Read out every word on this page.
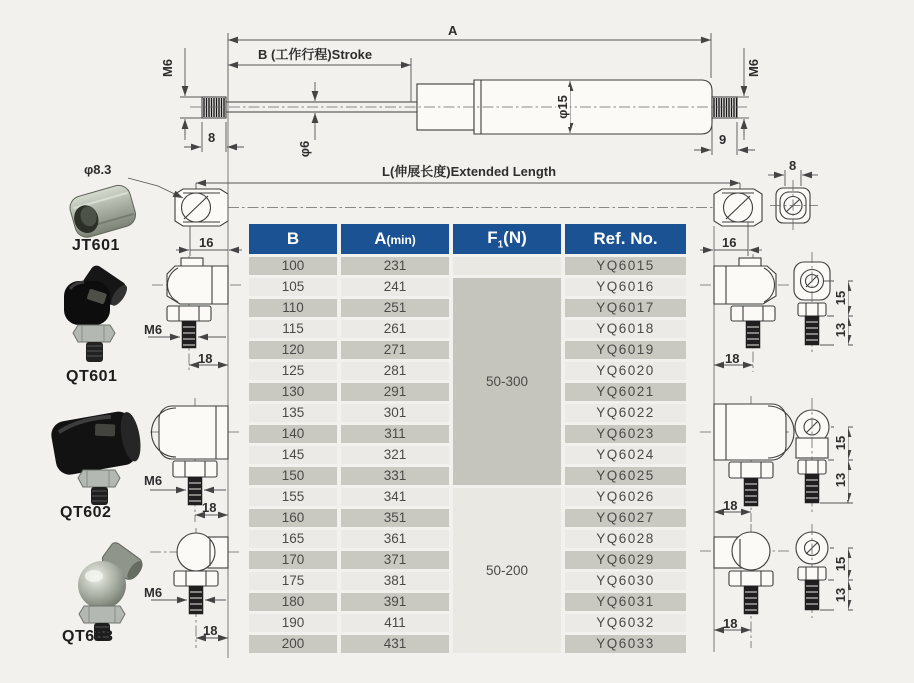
A
B (工作行程)Stroke
M6	M6
φ15
φ6
8	9
L(伸展长度)Extended Length
φ8.3
16	16
8
M6
M6
M6
18
18
18
18
18
18
15
15
15
13
13
13
JT601
QT601
QT602
QT603
B	A(min)	$F_1(N)$	Ref. No.
100	231		YQ6015
105	241	50-300	YQ6016
110	251		YQ6017
115	261		YQ6018
120	271		YQ6019
125	281		YQ6020
130	291		YQ6021
135	301		YQ6022
140	311		YQ6023
145	321		YQ6024
150	331		YQ6025
155	341	50-200	YQ6026
160	351		YQ6027
165	361		YQ6028
170	371		YQ6029
175	381		YQ6030
180	391		YQ6031
190	411		YQ6032
200	431		YQ6033
